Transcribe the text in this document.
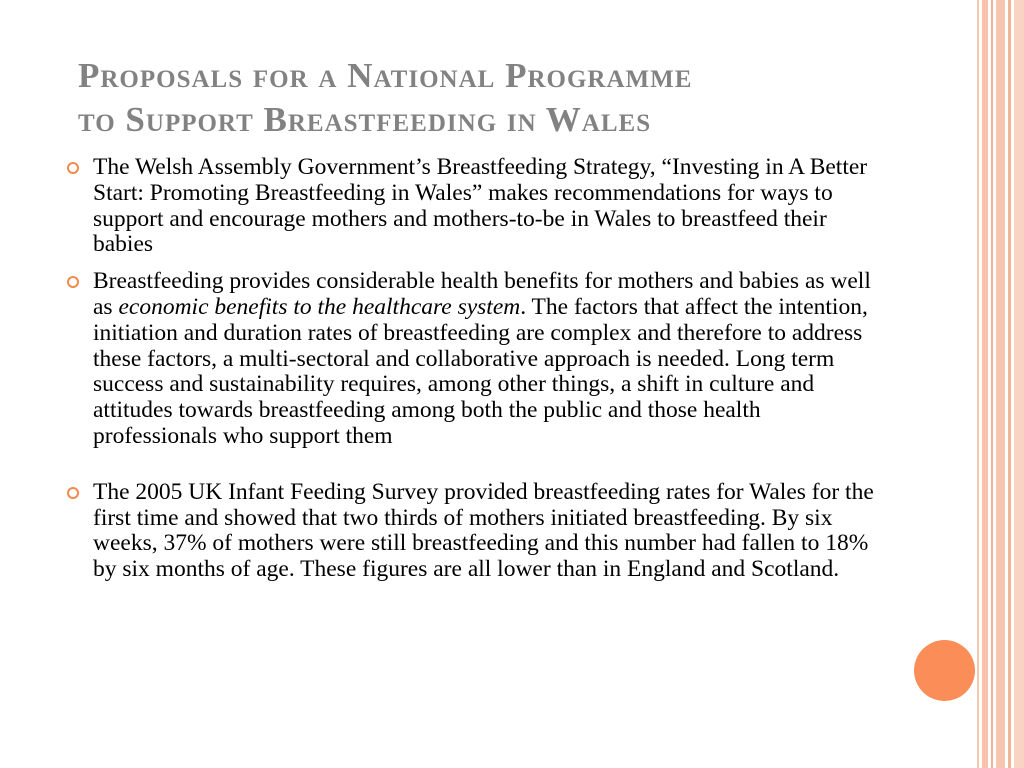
Proposals for a National Programme
to Support Breastfeeding in Wales
The Welsh Assembly Government’s Breastfeeding Strategy, “Investing in A Better Start: Promoting Breastfeeding in Wales” makes recommendations for ways to support and encourage mothers and mothers-to-be in Wales to breastfeed their babies
Breastfeeding provides considerable health benefits for mothers and babies as well as economic benefits to the healthcare system. The factors that affect the intention, initiation and duration rates of breastfeeding are complex and therefore to address these factors, a multi-sectoral and collaborative approach is needed. Long term success and sustainability requires, among other things, a shift in culture and attitudes towards breastfeeding among both the public and those health professionals who support them
The 2005 UK Infant Feeding Survey provided breastfeeding rates for Wales for the first time and showed that two thirds of mothers initiated breastfeeding. By six weeks, 37% of mothers were still breastfeeding and this number had fallen to 18% by six months of age. These figures are all lower than in England and Scotland.
